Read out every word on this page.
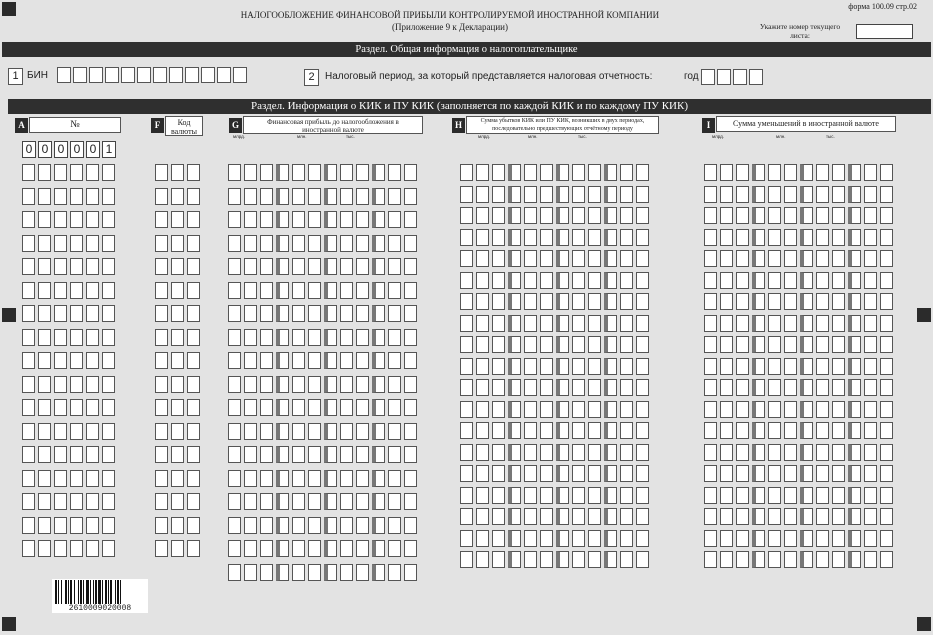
форма 100.09 стр.02
НАЛОГООБЛОЖЕНИЕ ФИНАНСОВОЙ ПРИБЫЛИ КОНТРОЛИРУЕМОЙ ИНОСТРАННОЙ КОМПАНИИ
(Приложение 9 к Декларации)	Укажите номер текущего листа:
Раздел. Общая информация о налогоплательщике
1 БИН	2	Налоговый период, за который представляется налоговая отчетность:	год
Раздел. Информация о КИК и ПУ КИК (заполняется по каждой КИК и по каждому ПУ КИК)
A	№	F	Код валюты
G	Финансовая прибыль до налогообложения в иностранной валюте
млрд.	млн.	тыс.
H	Сумма убытков КИК или ПУ КИК, возникших в двух периодах, последовательно предшествующих отчётному периоду
млрд.	млн.	тыс.
I	Сумма уменьшений в иностранной валюте
млрд.	млн.	тыс.
0 0 0 0 0 1
2610009020008
